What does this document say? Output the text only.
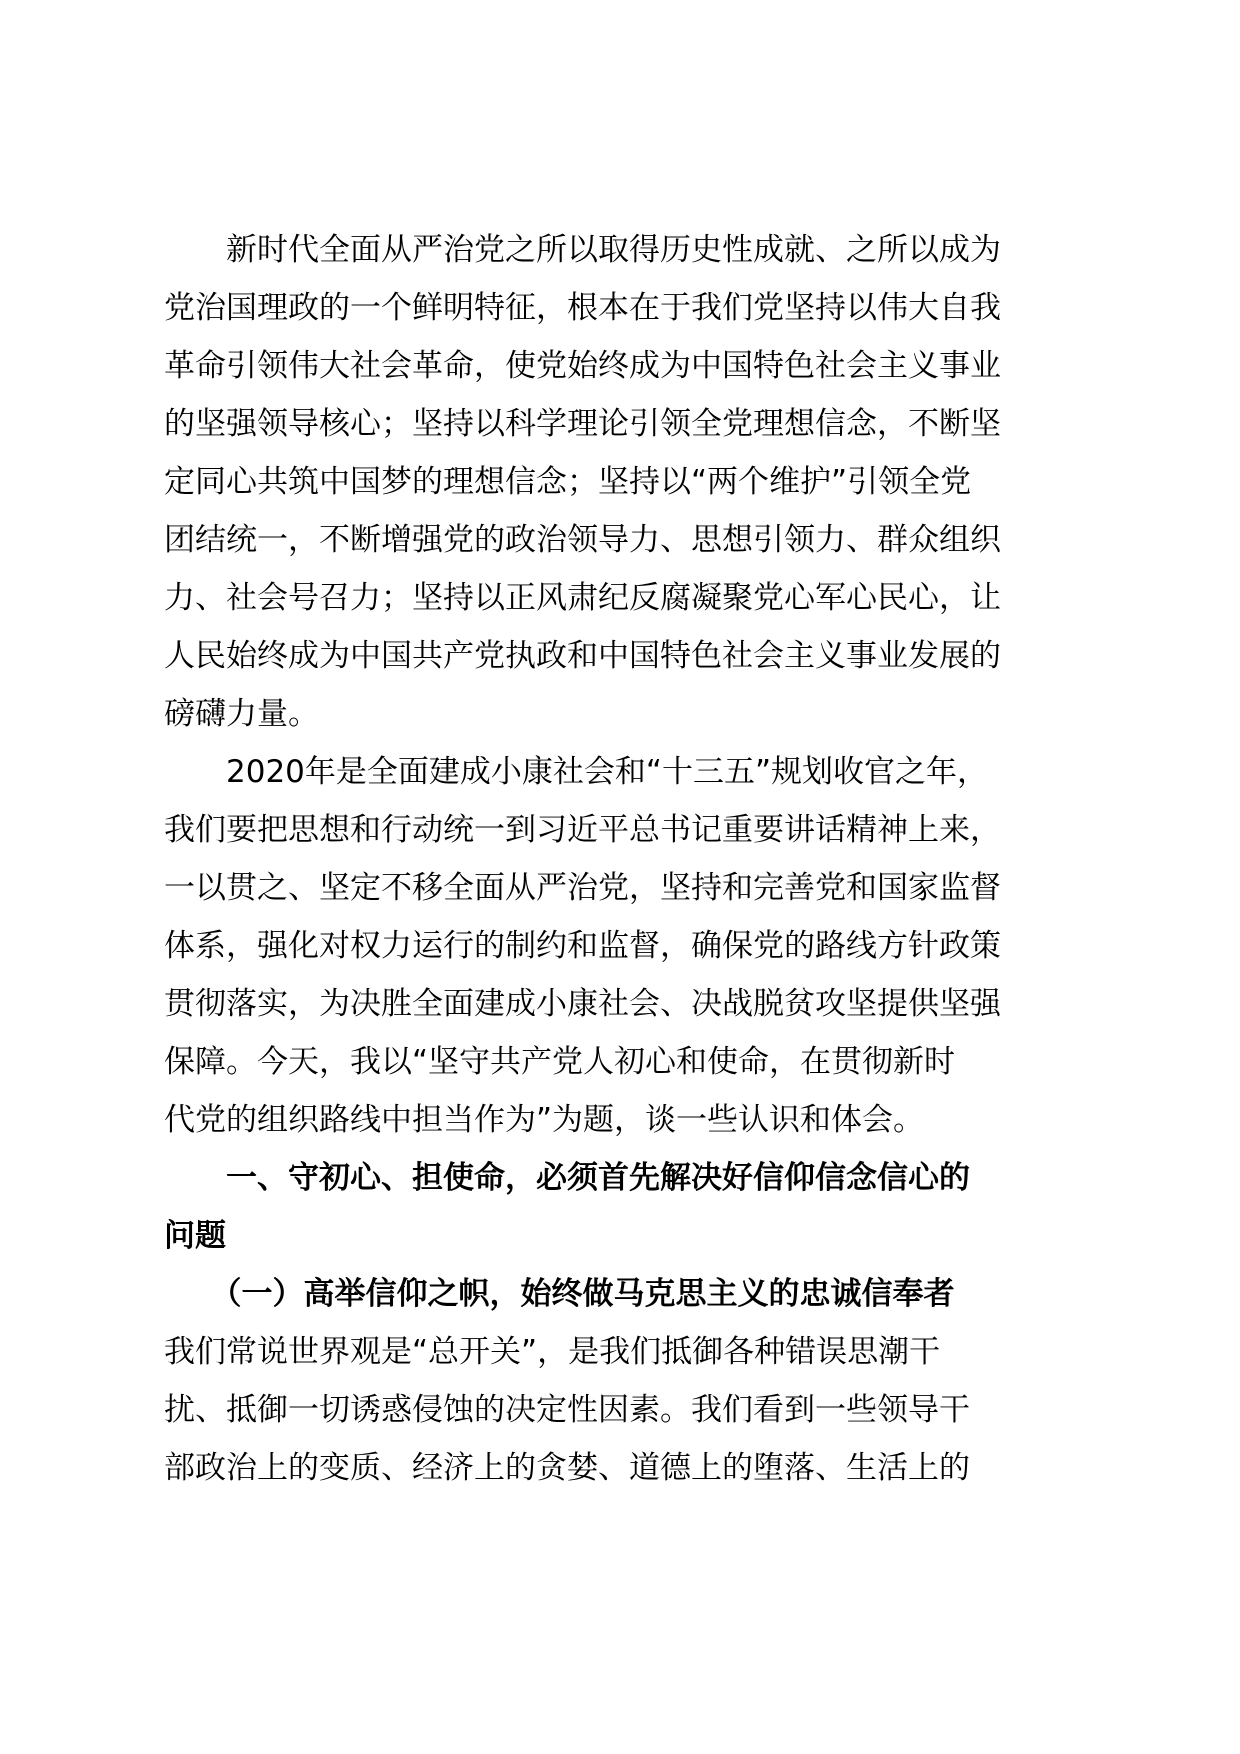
　　新时代全面从严治党之所以取得历史性成就、之所以成为
党治国理政的一个鲜明特征，根本在于我们党坚持以伟大自我
革命引领伟大社会革命，使党始终成为中国特色社会主义事业
的坚强领导核心；坚持以科学理论引领全党理想信念，不断坚
定同心共筑中国梦的理想信念；坚持以“两个维护”引领全党
团结统一，不断增强党的政治领导力、思想引领力、群众组织
力、社会号召力；坚持以正风肃纪反腐凝聚党心军心民心，让
人民始终成为中国共产党执政和中国特色社会主义事业发展的
磅礴力量。
　　2020年是全面建成小康社会和“十三五”规划收官之年，
我们要把思想和行动统一到习近平总书记重要讲话精神上来，
一以贯之、坚定不移全面从严治党，坚持和完善党和国家监督
体系，强化对权力运行的制约和监督，确保党的路线方针政策
贯彻落实，为决胜全面建成小康社会、决战脱贫攻坚提供坚强
保障。今天，我以“坚守共产党人初心和使命，在贯彻新时
代党的组织路线中担当作为”为题，谈一些认识和体会。
　　一、守初心、担使命，必须首先解决好信仰信念信心的
问题
　　（一）高举信仰之帜，始终做马克思主义的忠诚信奉者
我们常说世界观是“总开关”，是我们抵御各种错误思潮干
扰、抵御一切诱惑侵蚀的决定性因素。我们看到一些领导干
部政治上的变质、经济上的贪婪、道德上的堕落、生活上的
